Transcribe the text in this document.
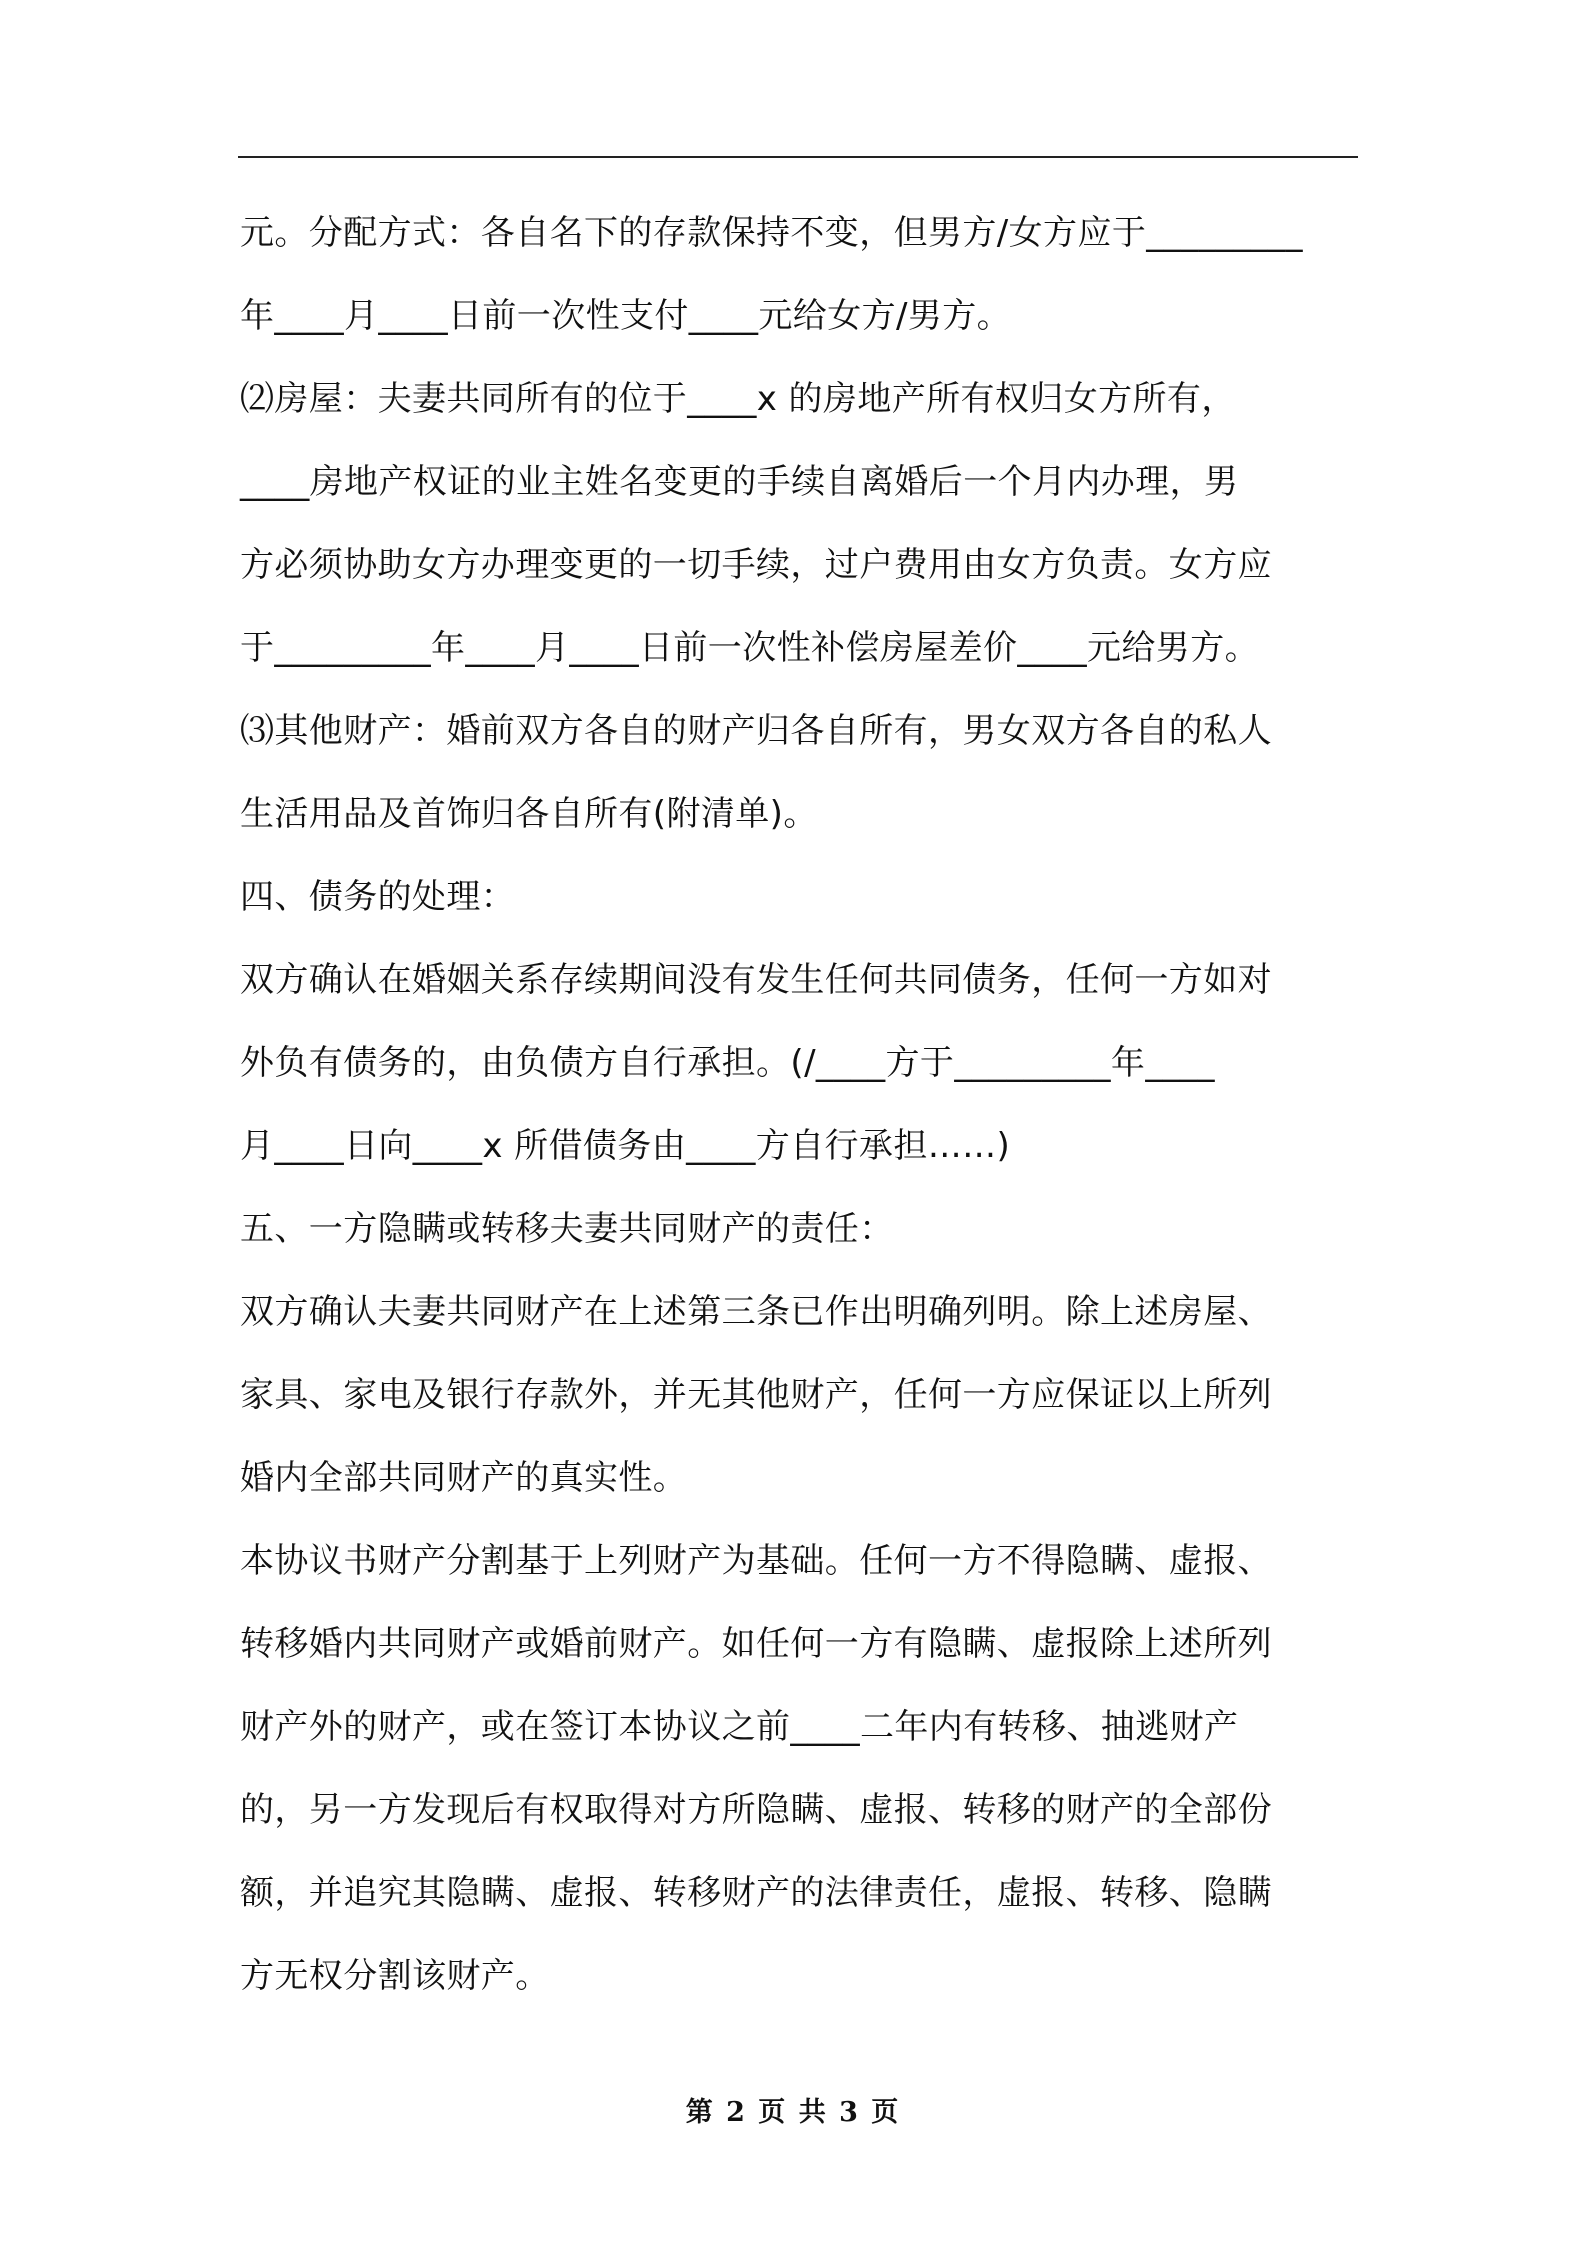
元。分配方式：各自名下的存款保持不变，但男方/女方应于_________
年____月____日前一次性支付____元给女方/男方。
⑵房屋：夫妻共同所有的位于____x 的房地产所有权归女方所有，
____房地产权证的业主姓名变更的手续自离婚后一个月内办理，男
方必须协助女方办理变更的一切手续，过户费用由女方负责。女方应
于_________年____月____日前一次性补偿房屋差价____元给男方。
⑶其他财产：婚前双方各自的财产归各自所有，男女双方各自的私人
生活用品及首饰归各自所有(附清单)。
四、债务的处理：
双方确认在婚姻关系存续期间没有发生任何共同债务，任何一方如对
外负有债务的，由负债方自行承担。(/____方于_________年____
月____日向____x 所借债务由____方自行承担……)
五、一方隐瞒或转移夫妻共同财产的责任：
双方确认夫妻共同财产在上述第三条已作出明确列明。除上述房屋、
家具、家电及银行存款外，并无其他财产，任何一方应保证以上所列
婚内全部共同财产的真实性。
本协议书财产分割基于上列财产为基础。任何一方不得隐瞒、虚报、
转移婚内共同财产或婚前财产。如任何一方有隐瞒、虚报除上述所列
财产外的财产，或在签订本协议之前____二年内有转移、抽逃财产
的，另一方发现后有权取得对方所隐瞒、虚报、转移的财产的全部份
额，并追究其隐瞒、虚报、转移财产的法律责任，虚报、转移、隐瞒
方无权分割该财产。
第 2 页 共 3 页
